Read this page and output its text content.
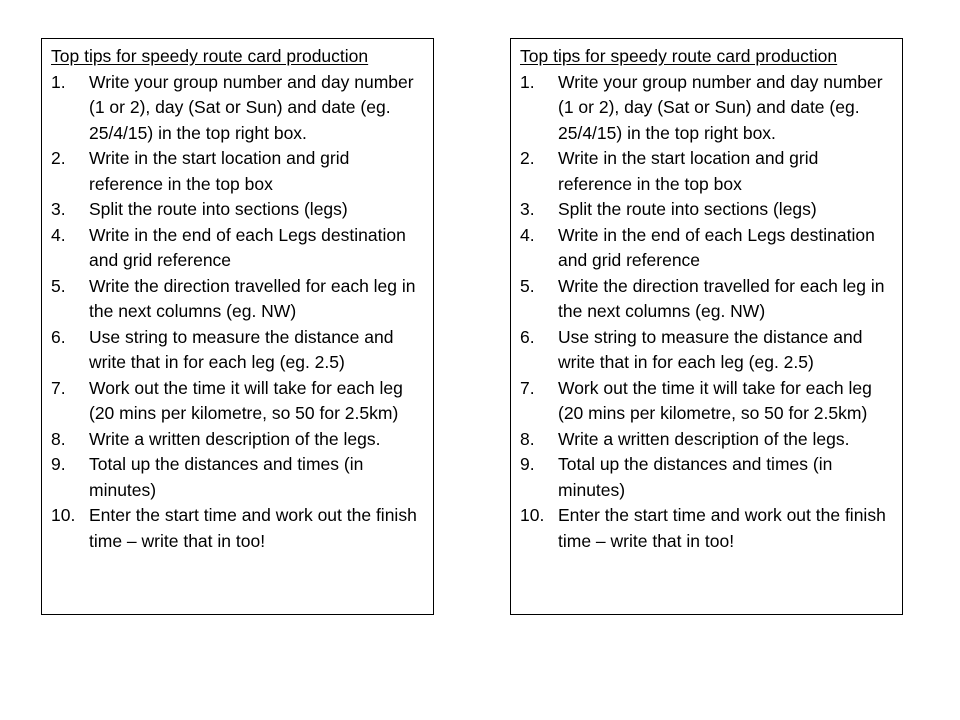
Top tips for speedy route card production
1.	Write your group number and day number (1 or 2), day (Sat or Sun) and date (eg. 25/4/15) in the top right box.
2.	Write in the start location and grid reference in the top box
3.	Split the route into sections (legs)
4.	Write in the end of each Legs destination and grid reference
5.	Write the direction travelled for each leg in the next columns (eg. NW)
6.	Use string to measure the distance and write that in for each leg (eg. 2.5)
7.	Work out the time it will take for each leg (20 mins per kilometre, so 50 for 2.5km)
8.	Write a written description of the legs.
9.	Total up the distances and times (in minutes)
10. Enter the start time and work out the finish time – write that in too!
Top tips for speedy route card production
1.	Write your group number and day number (1 or 2), day (Sat or Sun) and date (eg. 25/4/15) in the top right box.
2.	Write in the start location and grid reference in the top box
3.	Split the route into sections (legs)
4.	Write in the end of each Legs destination and grid reference
5.	Write the direction travelled for each leg in the next columns (eg. NW)
6.	Use string to measure the distance and write that in for each leg (eg. 2.5)
7.	Work out the time it will take for each leg (20 mins per kilometre, so 50 for 2.5km)
8.	Write a written description of the legs.
9.	Total up the distances and times (in minutes)
10. Enter the start time and work out the finish time – write that in too!
